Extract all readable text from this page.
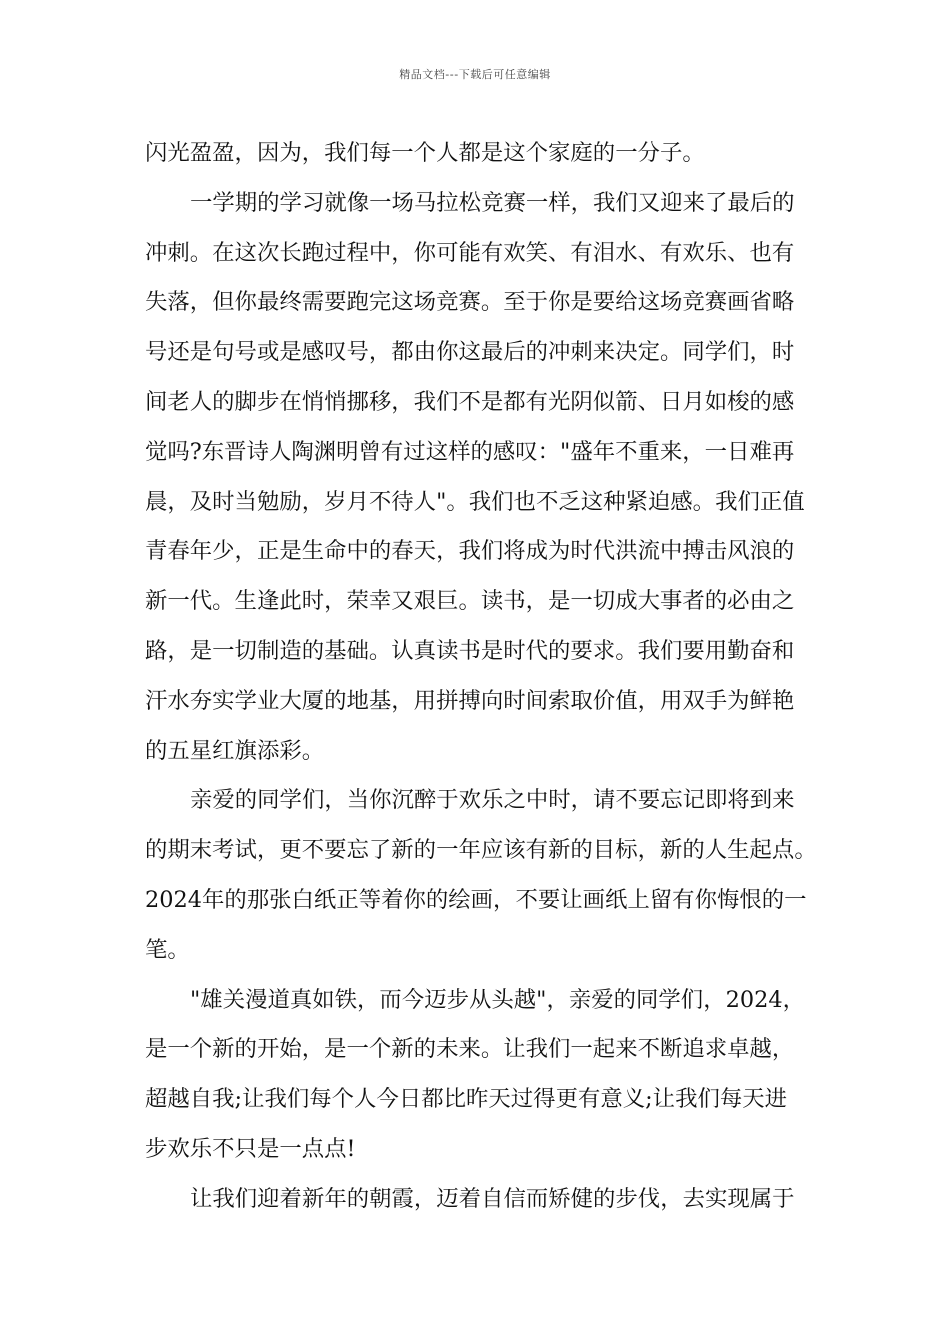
精品文档---下载后可任意编辑
闪光盈盈，因为，我们每一个人都是这个家庭的一分子。
一学期的学习就像一场马拉松竞赛一样，我们又迎来了最后的
冲刺。在这次长跑过程中，你可能有欢笑、有泪水、有欢乐、也有
失落，但你最终需要跑完这场竞赛。至于你是要给这场竞赛画省略
号还是句号或是感叹号，都由你这最后的冲刺来决定。同学们，时
间老人的脚步在悄悄挪移，我们不是都有光阴似箭、日月如梭的感
觉吗?东晋诗人陶渊明曾有过这样的感叹："盛年不重来，一日难再
晨，及时当勉励，岁月不待人"。我们也不乏这种紧迫感。我们正值
青春年少，正是生命中的春天，我们将成为时代洪流中搏击风浪的
新一代。生逢此时，荣幸又艰巨。读书，是一切成大事者的必由之
路，是一切制造的基础。认真读书是时代的要求。我们要用勤奋和
汗水夯实学业大厦的地基，用拼搏向时间索取价值，用双手为鲜艳
的五星红旗添彩。
亲爱的同学们，当你沉醉于欢乐之中时，请不要忘记即将到来
的期末考试，更不要忘了新的一年应该有新的目标，新的人生起点。
2024年的那张白纸正等着你的绘画，不要让画纸上留有你悔恨的一
笔。
"雄关漫道真如铁，而今迈步从头越"，亲爱的同学们，2024，
是一个新的开始，是一个新的未来。让我们一起来不断追求卓越，
超越自我;让我们每个人今日都比昨天过得更有意义;让我们每天进
步欢乐不只是一点点!
让我们迎着新年的朝霞，迈着自信而矫健的步伐，去实现属于
